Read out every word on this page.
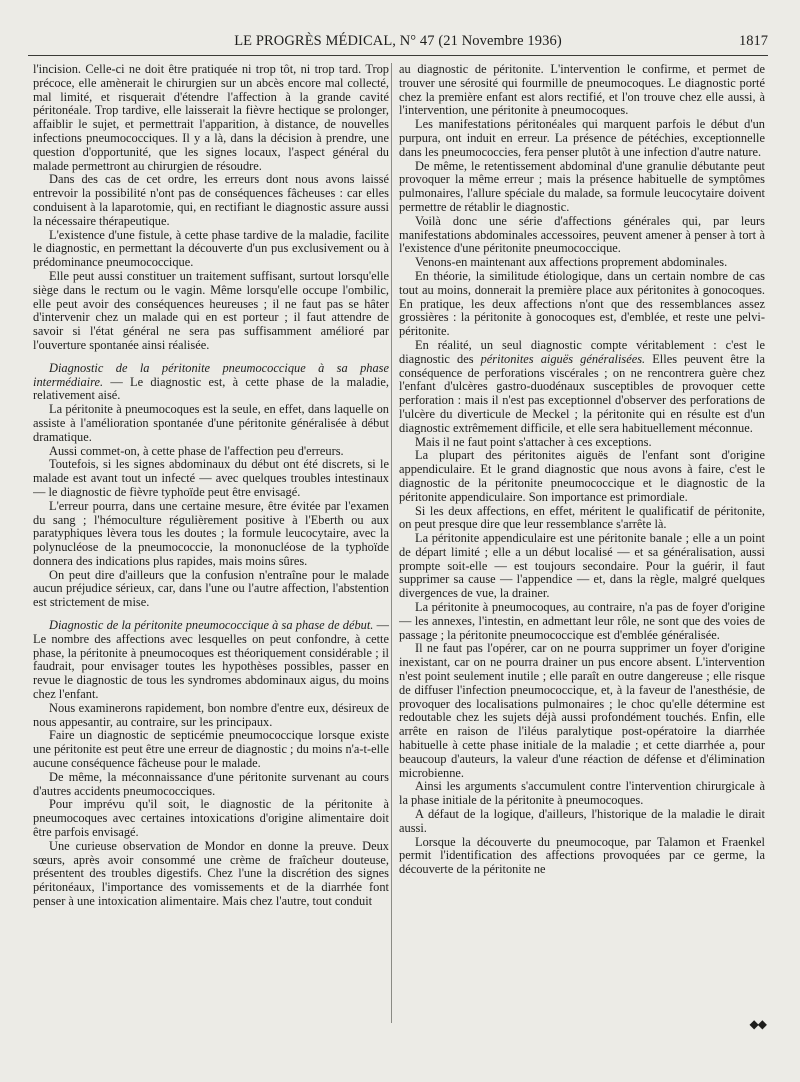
LE PROGRÈS MÉDICAL, N° 47 (21 Novembre 1936)	1817

l'incision. Celle-ci ne doit être pratiquée ni trop tôt, ni trop tard. Trop précoce, elle amènerait le chirurgien sur un abcès encore mal collecté, mal limité, et risquerait d'étendre l'affection à la grande cavité péritonéale. Trop tardive, elle laisserait la fièvre hectique se prolonger, affaiblir le sujet, et permettrait l'apparition, à distance, de nouvelles infections pneumococciques. Il y a là, dans la décision à prendre, une question d'opportunité, que les signes locaux, l'aspect général du malade permettront au chirurgien de résoudre.

Dans des cas de cet ordre, les erreurs dont nous avons laissé entrevoir la possibilité n'ont pas de conséquences fâcheuses : car elles conduisent à la laparotomie, qui, en rectifiant le diagnostic assure aussi la nécessaire thérapeutique.

L'existence d'une fistule, à cette phase tardive de la maladie, facilite le diagnostic, en permettant la découverte d'un pus exclusivement ou à prédominance pneumococcique.

Elle peut aussi constituer un traitement suffisant, surtout lorsqu'elle siège dans le rectum ou le vagin. Même lorsqu'elle occupe l'ombilic, elle peut avoir des conséquences heureuses ; il ne faut pas se hâter d'intervenir chez un malade qui en est porteur ; il faut attendre de savoir si l'état général ne sera pas suffisamment amélioré par l'ouverture spontanée ainsi réalisée.

Diagnostic de la péritonite pneumococcique à sa phase intermédiaire. — Le diagnostic est, à cette phase de la maladie, relativement aisé.

La péritonite à pneumocoques est la seule, en effet, dans laquelle on assiste à l'amélioration spontanée d'une péritonite généralisée à début dramatique.

Aussi commet-on, à cette phase de l'affection peu d'erreurs.

Toutefois, si les signes abdominaux du début ont été discrets, si le malade est avant tout un infecté — avec quelques troubles intestinaux — le diagnostic de fièvre typhoïde peut être envisagé.

L'erreur pourra, dans une certaine mesure, être évitée par l'examen du sang ; l'hémoculture régulièrement positive à l'Eberth ou aux paratyphiques lèvera tous les doutes ; la formule leucocytaire, avec la polynucléose de la pneumococcie, la mononucléose de la typhoïde donnera des indications plus rapides, mais moins sûres.

On peut dire d'ailleurs que la confusion n'entraîne pour le malade aucun préjudice sérieux, car, dans l'une ou l'autre affection, l'abstention est strictement de mise.

Diagnostic de la péritonite pneumococcique à sa phase de début. — Le nombre des affections avec lesquelles on peut confondre, à cette phase, la péritonite à pneumocoques est théoriquement considérable ; il faudrait, pour envisager toutes les hypothèses possibles, passer en revue le diagnostic de tous les syndromes abdominaux aigus, du moins chez l'enfant.

Nous examinerons rapidement, bon nombre d'entre eux, désireux de nous appesantir, au contraire, sur les principaux.

Faire un diagnostic de septicémie pneumococcique lorsque existe une péritonite est peut être une erreur de diagnostic ; du moins n'a-t-elle aucune conséquence fâcheuse pour le malade.

De même, la méconnaissance d'une péritonite survenant au cours d'autres accidents pneumococciques.

Pour imprévu qu'il soit, le diagnostic de la péritonite à pneumocoques avec certaines intoxications d'origine alimentaire doit être parfois envisagé.

Une curieuse observation de Mondor en donne la preuve. Deux sœurs, après avoir consommé une crème de fraîcheur douteuse, présentent des troubles digestifs. Chez l'une la discrétion des signes péritonéaux, l'importance des vomissements et de la diarrhée font penser à une intoxication alimentaire. Mais chez l'autre, tout conduit

au diagnostic de péritonite. L'intervention le confirme, et permet de trouver une sérosité qui fourmille de pneumocoques. Le diagnostic porté chez la première enfant est alors rectifié, et l'on trouve chez elle aussi, à l'intervention, une péritonite à pneumocoques.

Les manifestations péritonéales qui marquent parfois le début d'un purpura, ont induit en erreur. La présence de pétéchies, exceptionnelle dans les pneumococcies, fera penser plutôt à une infection d'autre nature.

De même, le retentissement abdominal d'une granulie débutante peut provoquer la même erreur ; mais la présence habituelle de symptômes pulmonaires, l'allure spéciale du malade, sa formule leucocytaire doivent permettre de rétablir le diagnostic.

Voilà donc une série d'affections générales qui, par leurs manifestations abdominales accessoires, peuvent amener à penser à tort à l'existence d'une péritonite pneumococcique.

Venons-en maintenant aux affections proprement abdominales.

En théorie, la similitude étiologique, dans un certain nombre de cas tout au moins, donnerait la première place aux péritonites à gonocoques. En pratique, les deux affections n'ont que des ressemblances assez grossières : la péritonite à gonocoques est, d'emblée, et reste une pelvi-péritonite.

En réalité, un seul diagnostic compte véritablement : c'est le diagnostic des péritonites aiguës généralisées. Elles peuvent être la conséquence de perforations viscérales ; on ne rencontrera guère chez l'enfant d'ulcères gastro-duodénaux susceptibles de provoquer cette perforation : mais il n'est pas exceptionnel d'observer des perforations de l'ulcère du diverticule de Meckel ; la péritonite qui en résulte est d'un diagnostic extrêmement difficile, et elle sera habituellement méconnue.

Mais il ne faut point s'attacher à ces exceptions.

La plupart des péritonites aiguës de l'enfant sont d'origine appendiculaire. Et le grand diagnostic que nous avons à faire, c'est le diagnostic de la péritonite pneumococcique et le diagnostic de la péritonite appendiculaire. Son importance est primordiale.

Si les deux affections, en effet, méritent le qualificatif de péritonite, on peut presque dire que leur ressemblance s'arrête là.

La péritonite appendiculaire est une péritonite banale ; elle a un point de départ limité ; elle a un début localisé — et sa généralisation, aussi prompte soit-elle — est toujours secondaire. Pour la guérir, il faut supprimer sa cause — l'appendice — et, dans la règle, malgré quelques divergences de vue, la drainer.

La péritonite à pneumocoques, au contraire, n'a pas de foyer d'origine — les annexes, l'intestin, en admettant leur rôle, ne sont que des voies de passage ; la péritonite pneumococcique est d'emblée généralisée.

Il ne faut pas l'opérer, car on ne pourra supprimer un foyer d'origine inexistant, car on ne pourra drainer un pus encore absent. L'intervention n'est point seulement inutile ; elle paraît en outre dangereuse ; elle risque de diffuser l'infection pneumococcique, et, à la faveur de l'anesthésie, de provoquer des localisations pulmonaires ; le choc qu'elle détermine est redoutable chez les sujets déjà aussi profondément touchés. Enfin, elle arrête en raison de l'iléus paralytique post-opératoire la diarrhée habituelle à cette phase initiale de la maladie ; et cette diarrhée a, pour beaucoup d'auteurs, la valeur d'une réaction de défense et d'élimination microbienne.

Ainsi les arguments s'accumulent contre l'intervention chirurgicale à la phase initiale de la péritonite à pneumocoques.

A défaut de la logique, d'ailleurs, l'historique de la maladie le dirait aussi.

Lorsque la découverte du pneumocoque, par Talamon et Fraenkel permit l'identification des affections provoquées par ce germe, la découverte de la péritonite ne

◆◆
